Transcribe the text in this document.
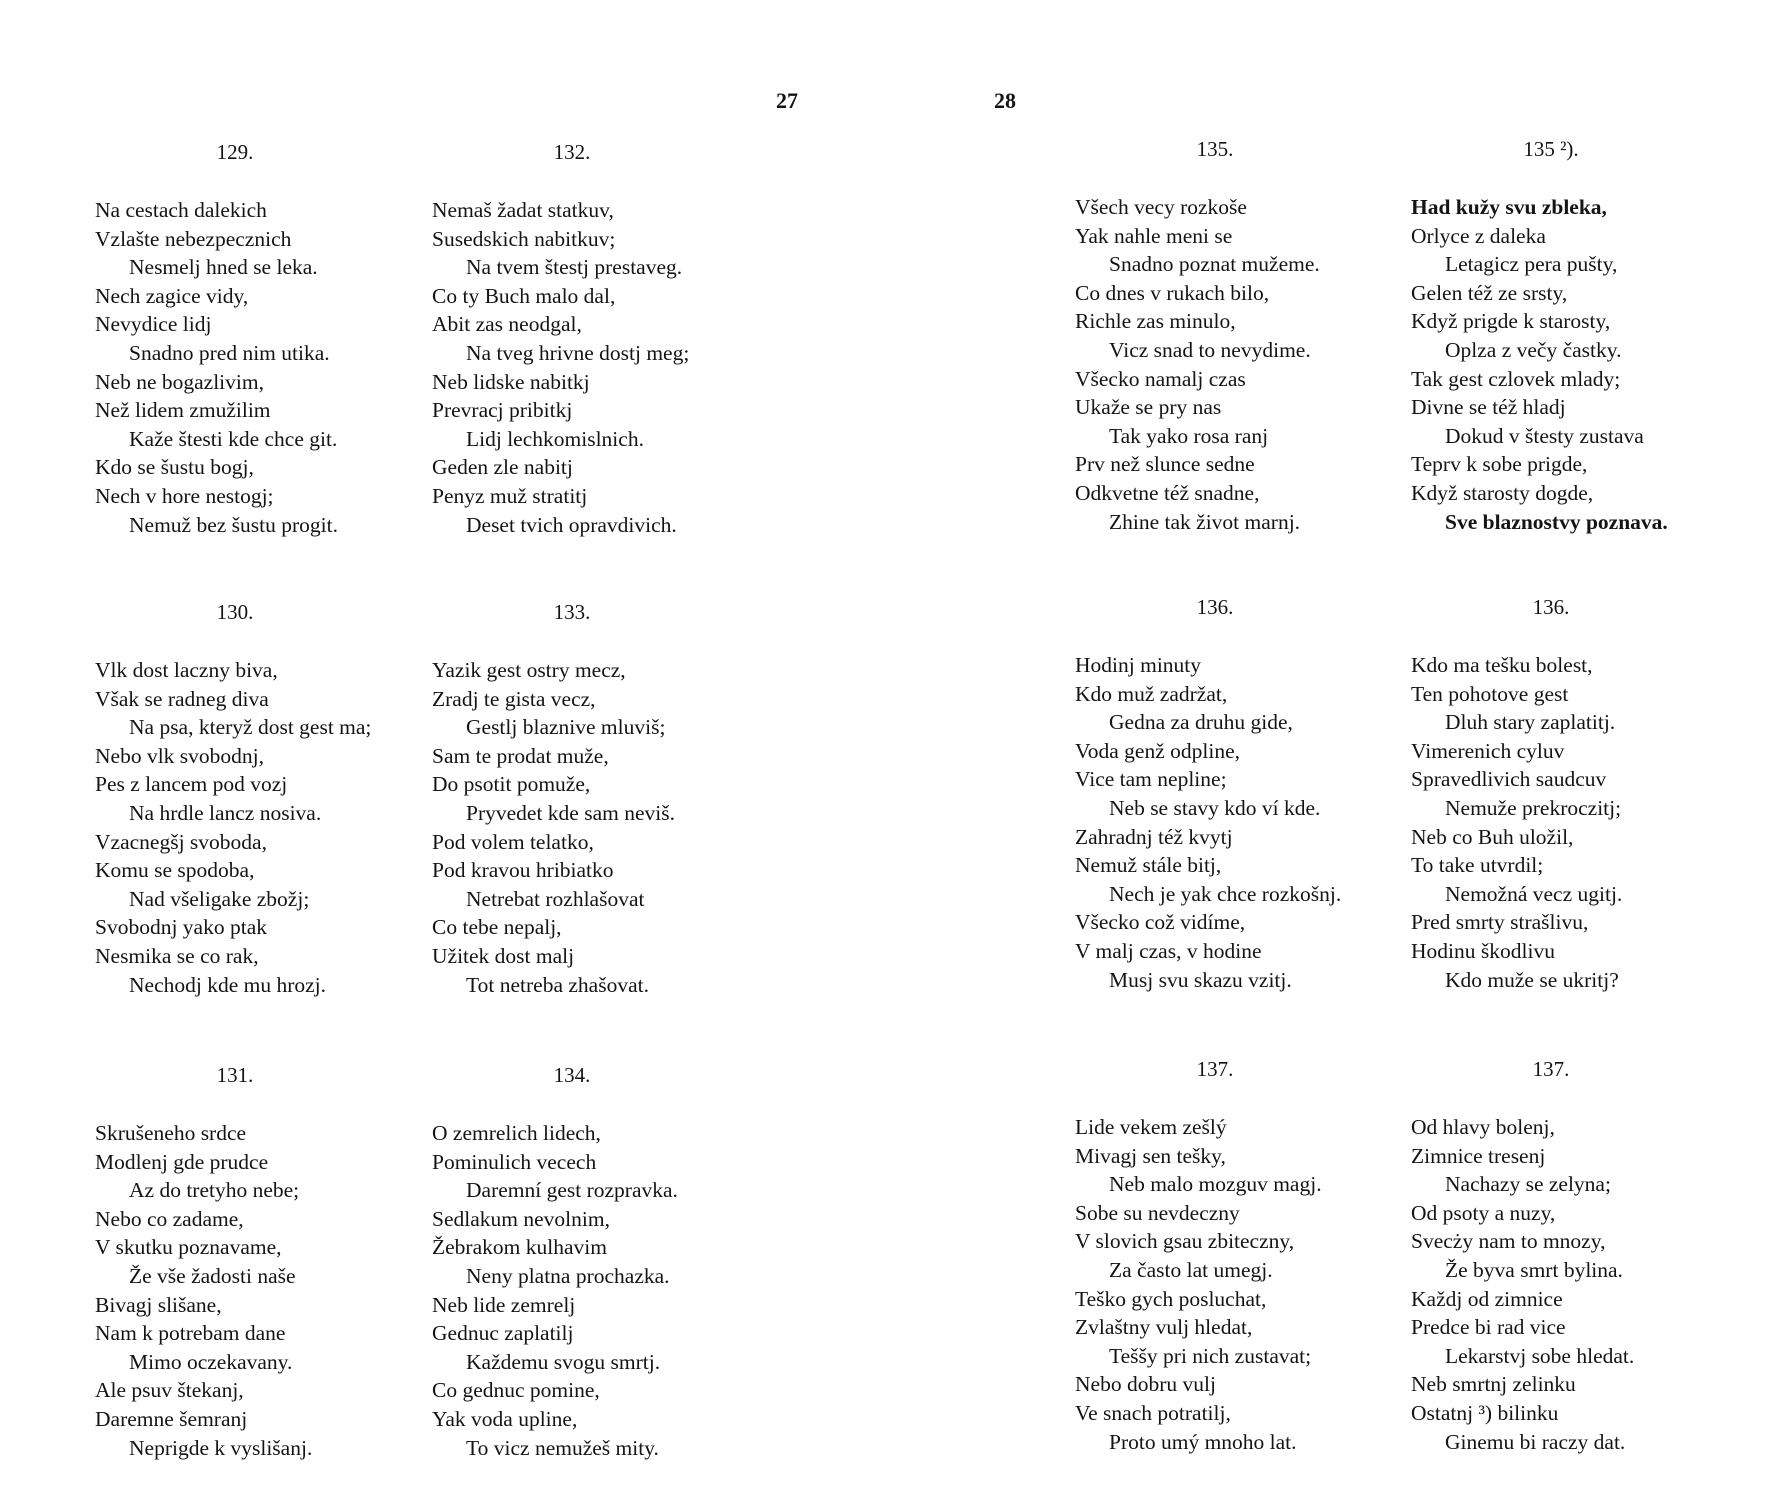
27	28
129.
Na cestach dalekich
Vzlašte nebezpecznich
Nesmelj hned se leka.
Nech zagice vidy,
Nevydice lidj
Snadno pred nim utika.
Neb ne bogazlivim,
Než lidem zmužilim
Kaže štesti kde chce git.
Kdo se šustu bogj,
Nech v hore nestogj;
Nemuž bez šustu progit.
132.
Nemaš žadat statkuv,
Susedskich nabitkuv;
Na tvem štestj prestaveg.
Co ty Buch malo dal,
Abit zas neodgal,
Na tveg hrivne dostj meg;
Neb lidske nabitkj
Prevracj pribitkj
Lidj lechkomislnich.
Geden zle nabitj
Penyz muž stratitj
Deset tvich opravdivich.
130.
Vlk dost laczny biva,
Však se radneg diva
Na psa, kteryž dost gest ma;
Nebo vlk svobodnj,
Pes z lancem pod vozj
Na hrdle lancz nosiva.
Vzacnegšj svoboda,
Komu se spodoba,
Nad všeligake zbožj;
Svobodnj yako ptak
Nesmika se co rak,
Nechodj kde mu hrozj.
133.
Yazik gest ostry mecz,
Zradj te gista vecz,
Gestlj blaznive mluviš;
Sam te prodat muže,
Do psotit pomuže,
Pryvedet kde sam neviš.
Pod volem telatko,
Pod kravou hribiatko
Netrebat rozhlašovat
Co tebe nepalj,
Užitek dost malj
Tot netreba zhašovat.
131.
Skrušeneho srdce
Modlenj gde prudce
Az do tretyho nebe;
Nebo co zadame,
V skutku poznavame,
Že vše žadosti naše
Bivagj slišane,
Nam k potrebam dane
Mimo oczekavany.
Ale psuv štekanj,
Daremne šemranj
Neprigde k vyslišanj.
134.
O zemrelich lidech,
Pominulich vecech
Daremní gest rozpravka.
Sedlakum nevolnim,
Žebrakom kulhavim
Neny platna prochazka.
Neb lide zemrelj
Gednuc zaplatilj
Každemu svogu smrtj.
Co gednuc pomine,
Yak voda upline,
To vicz nemužeš mity.
135.
Všech vecy rozkoše
Yak nahle meni se
Snadno poznat mužeme.
Co dnes v rukach bilo,
Richle zas minulo,
Vicz snad to nevydime.
Všecko namalj czas
Ukaže se pry nas
Tak yako rosa ranj
Prv než slunce sedne
Odkvetne též snadne,
Zhine tak život marnj.
135 ²).
Had kužy svu zbleka,
Orlyce z daleka
Letagicz pera pušty,
Gelen též ze srsty,
Když prigde k starosty,
Oplza z večy častky.
Tak gest czlovek mlady;
Divne se též hladj
Dokud v štesty zustava
Teprv k sobe prigde,
Když starosty dogde,
Sve blaznostvy poznava.
136.
Hodinj minuty
Kdo muž zadržat,
Gedna za druhu gide,
Voda genž odpline,
Vice tam nepline;
Neb se stavy kdo ví kde.
Zahradnj též kvytj
Nemuž stále bitj,
Nech je yak chce rozkošnj.
Všecko což vidíme,
V malj czas, v hodine
Musj svu skazu vzitj.
136.
Kdo ma tešku bolest,
Ten pohotove gest
Dluh stary zaplatitj.
Vimerenich cyluv
Spravedlivich saudcuv
Nemuže prekroczitj;
Neb co Buh uložil,
To take utvrdil;
Nemožná vecz ugitj.
Pred smrty strašlivu,
Hodinu škodlivu
Kdo muže se ukritj?
137.
Lide vekem zešlý
Mivagj sen tešky,
Neb malo mozguv magj.
Sobe su nevdeczny
V slovich gsau zbiteczny,
Za často lat umegj.
Teško gych posluchat,
Zvlaštny vulj hledat,
Teššy pri nich zustavat;
Nebo dobru vulj
Ve snach potratilj,
Proto umý mnoho lat.
137.
Od hlavy bolenj,
Zimnice tresenj
Nachazy se zelyna;
Od psoty a nuzy,
Svecży nam to mnozy,
Že byva smrt bylina.
Každj od zimnice
Predce bi rad vice
Lekarstvj sobe hledat.
Neb smrtnj zelinku
Ostatnj ³) bilinku
Ginemu bi raczy dat.
